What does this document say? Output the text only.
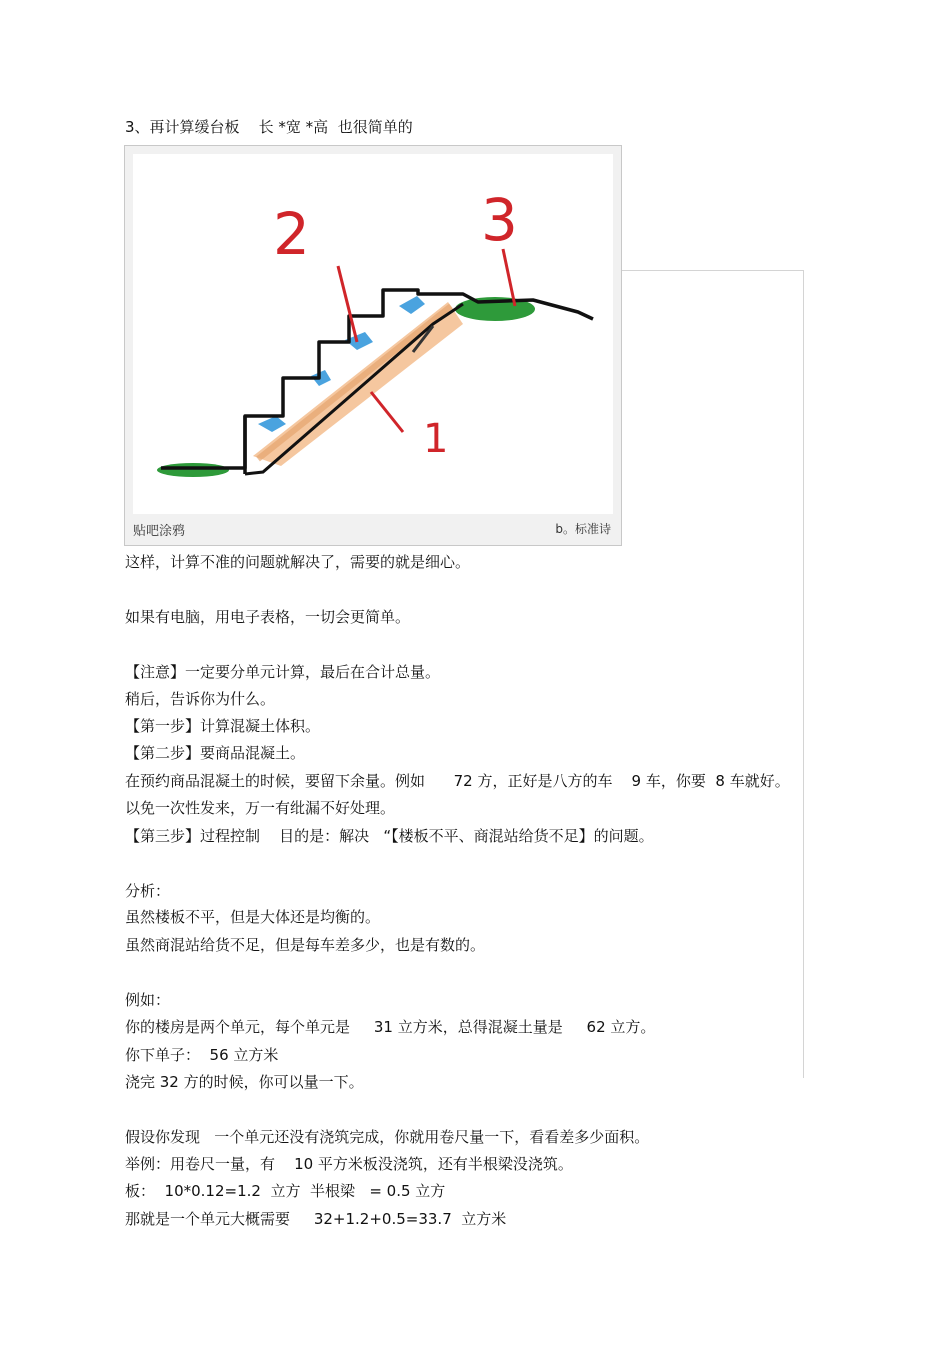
3、再计算缓台板    长 *宽 *高  也很简单的
2	3
1
贴吧涂鸦	b。标准诗
这样，计算不准的问题就解决了，需要的就是细心。
如果有电脑，用电子表格，一切会更简单。
【注意】一定要分单元计算，最后在合计总量。
稍后，告诉你为什么。
【第一步】计算混凝土体积。
【第二步】要商品混凝土。
在预约商品混凝土的时候，要留下余量。例如      72 方，正好是八方的车    9 车，你要  8 车就好。
以免一次性发来，万一有纰漏不好处理。
【第三步】过程控制    目的是：解决   “【楼板不平、商混站给货不足】的问题。
分析：
虽然楼板不平，但是大体还是均衡的。
虽然商混站给货不足，但是每车差多少，也是有数的。
例如：
你的楼房是两个单元，每个单元是     31 立方米，总得混凝土量是     62 立方。
你下单子：  56 立方米
浇完 32 方的时候，你可以量一下。
假设你发现   一个单元还没有浇筑完成，你就用卷尺量一下，看看差多少面积。
举例：用卷尺一量，有    10 平方米板没浇筑，还有半根梁没浇筑。
板：  10*0.12=1.2  立方  半根梁   = 0.5 立方
那就是一个单元大概需要     32+1.2+0.5=33.7  立方米
